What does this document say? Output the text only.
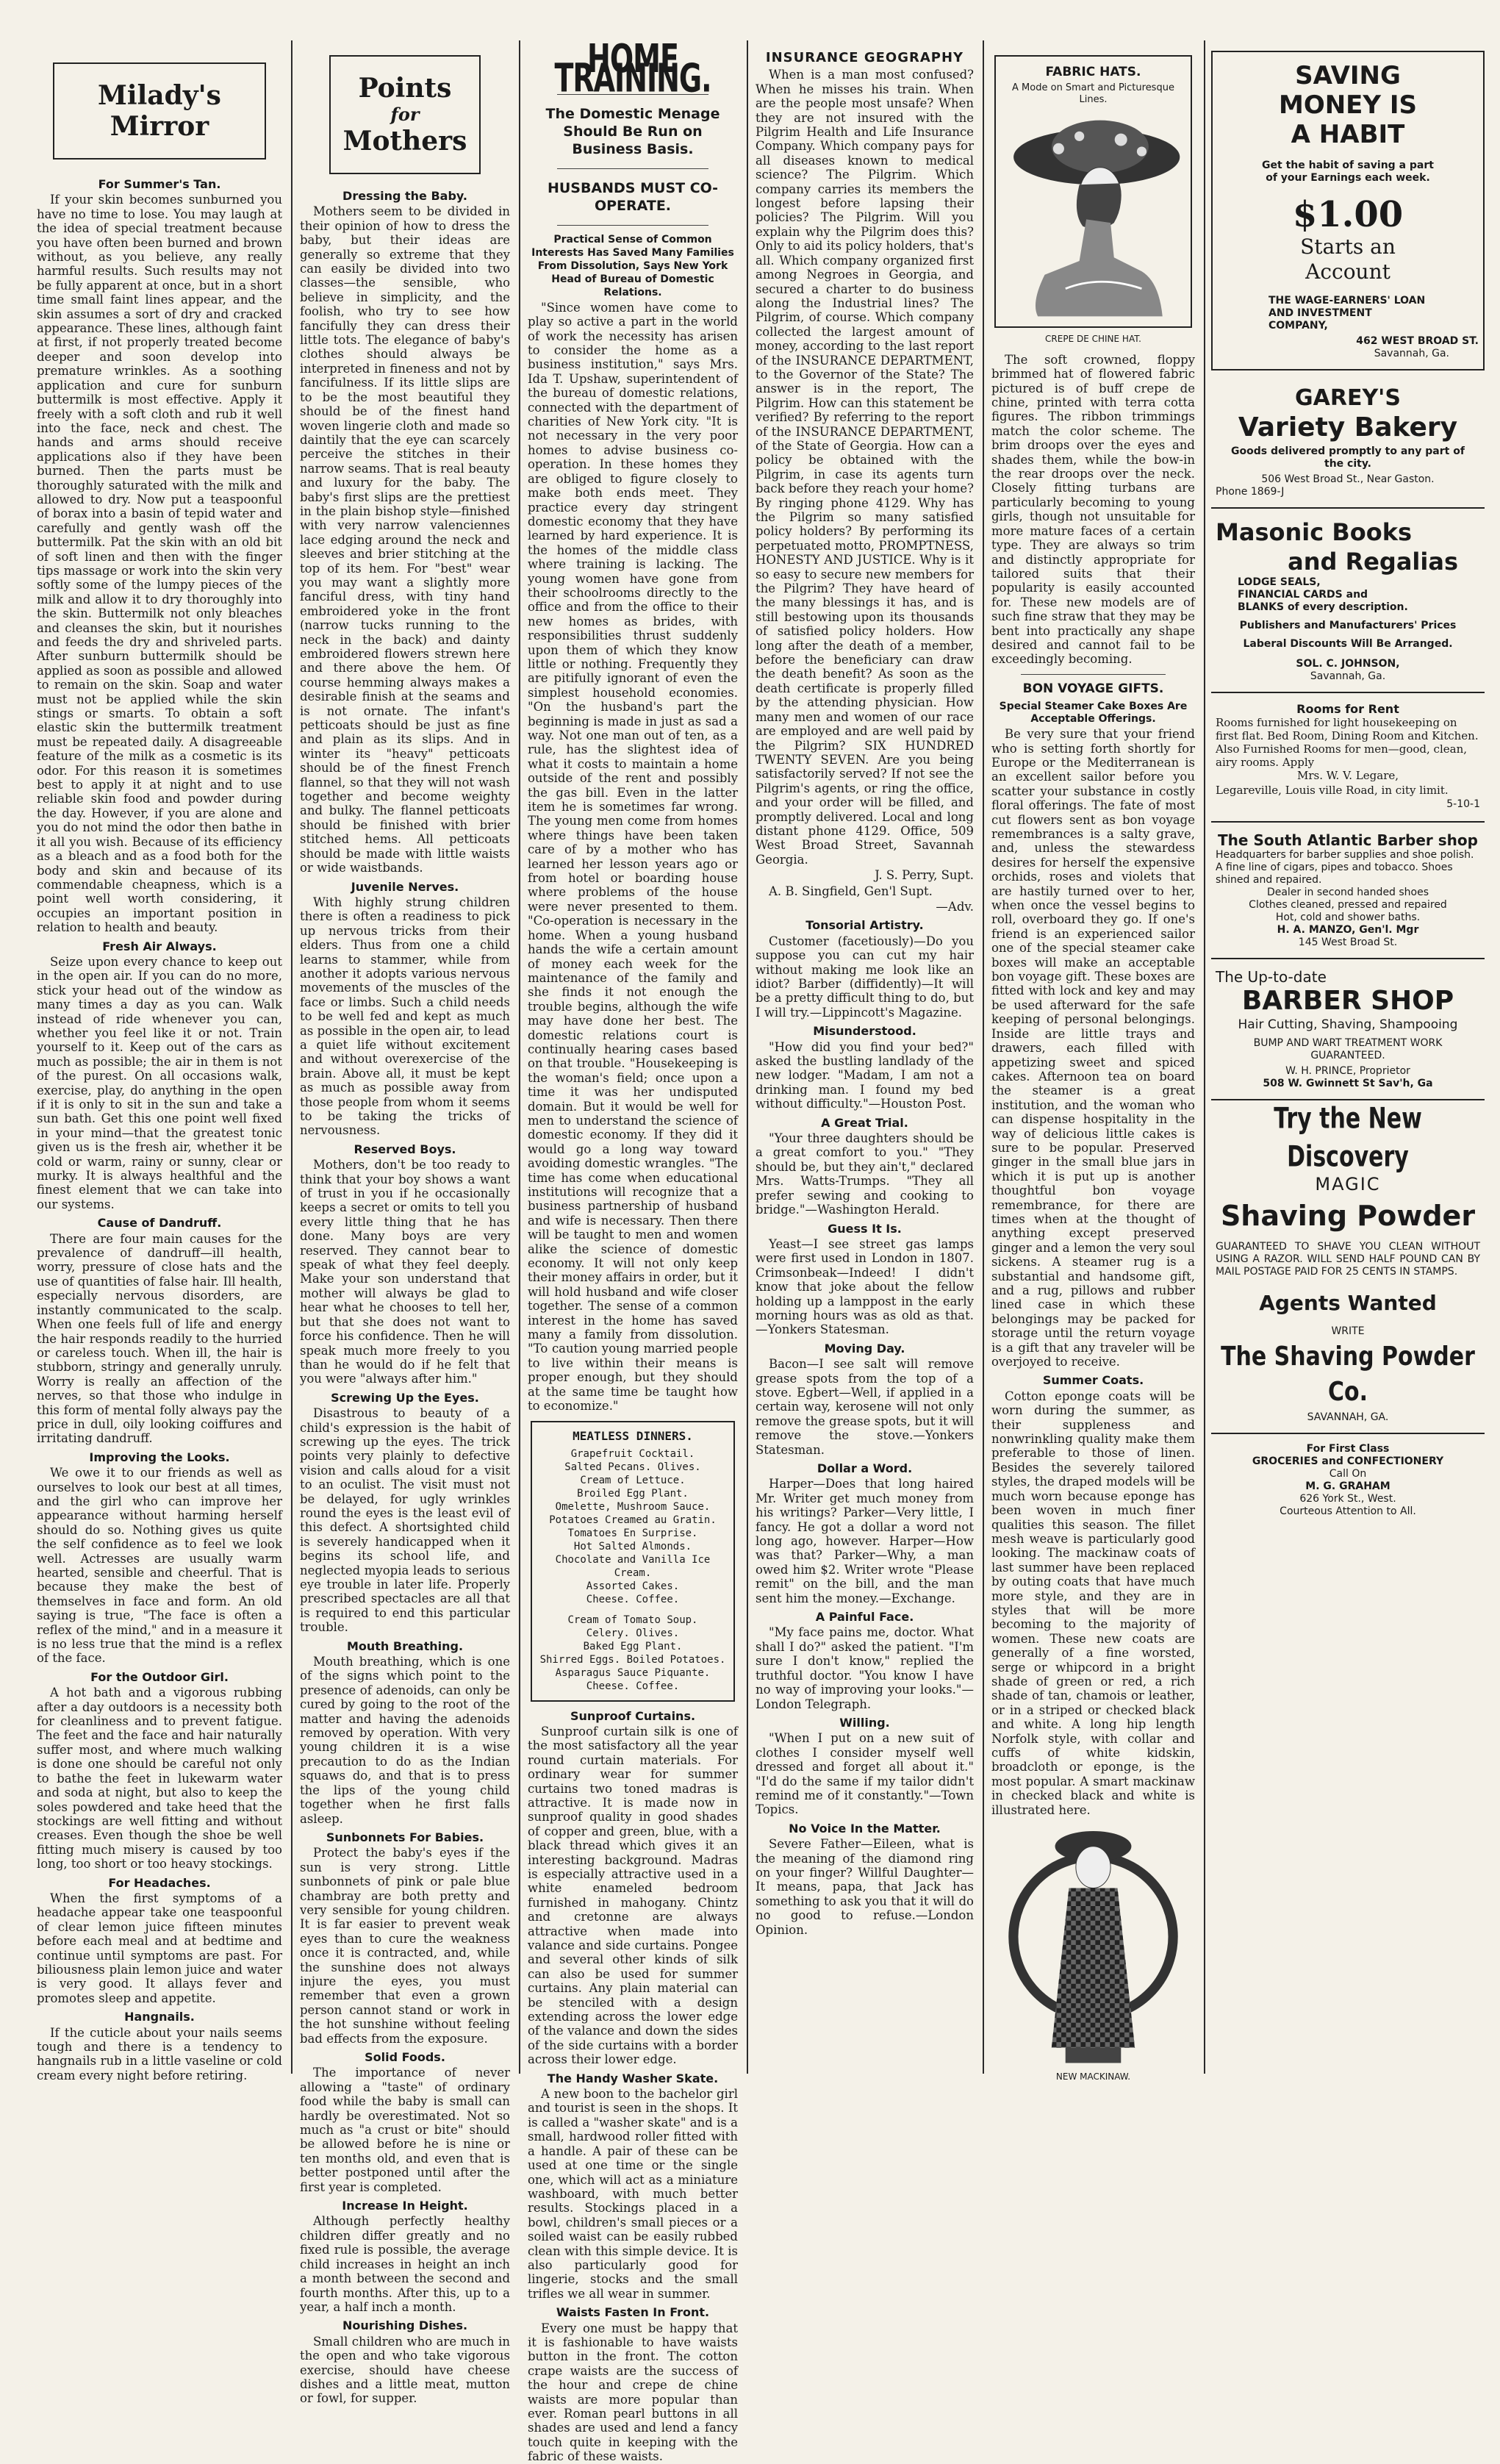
Milady's
Mirror
For Summer's Tan.

If your skin becomes sunburned you have no time to lose. You may laugh at the idea of special treatment because you have often been burned and brown without, as you believe, any really harmful results. Such results may not be fully apparent at once, but in a short time small faint lines appear, and the skin assumes a sort of dry and cracked appearance. These lines, although faint at first, if not properly treated become deeper and soon develop into premature wrinkles. As a soothing application and cure for sunburn buttermilk is most effective. Apply it freely with a soft cloth and rub it well into the face, neck and chest. The hands and arms should receive applications also if they have been burned. Then the parts must be thoroughly saturated with the milk and allowed to dry. Now put a teaspoonful of borax into a basin of tepid water and carefully and gently wash off the buttermilk. Pat the skin with an old bit of soft linen and then with the finger tips massage or work into the skin very softly some of the lumpy pieces of the milk and allow it to dry thoroughly into the skin. Buttermilk not only bleaches and cleanses the skin, but it nourishes and feeds the dry and shriveled parts. After sunburn buttermilk should be applied as soon as possible and allowed to remain on the skin. Soap and water must not be applied while the skin stings or smarts. To obtain a soft elastic skin the buttermilk treatment must be repeated daily. A disagreeable feature of the milk as a cosmetic is its odor. For this reason it is sometimes best to apply it at night and to use reliable skin food and powder during the day. However, if you are alone and you do not mind the odor then bathe in it all you wish. Because of its efficiency as a bleach and as a food both for the body and skin and because of its commendable cheapness, which is a point well worth considering, it occupies an important position in relation to health and beauty.

Fresh Air Always.

Seize upon every chance to keep out in the open air. If you can do no more, stick your head out of the window as many times a day as you can. Walk instead of ride whenever you can, whether you feel like it or not. Train yourself to it. Keep out of the cars as much as possible; the air in them is not of the purest. On all occasions walk, exercise, play, do anything in the open if it is only to sit in the sun and take a sun bath. Get this one point well fixed in your mind—that the greatest tonic given us is the fresh air, whether it be cold or warm, rainy or sunny, clear or murky. It is always healthful and the finest element that we can take into our systems.

Cause of Dandruff.

There are four main causes for the prevalence of dandruff—ill health, worry, pressure of close hats and the use of quantities of false hair. Ill health, especially nervous disorders, are instantly communicated to the scalp. When one feels full of life and energy the hair responds readily to the hurried or careless touch. When ill, the hair is stubborn, stringy and generally unruly. Worry is really an affection of the nerves, so that those who indulge in this form of mental folly always pay the price in dull, oily looking coiffures and irritating dandruff.

Improving the Looks.

We owe it to our friends as well as ourselves to look our best at all times, and the girl who can improve her appearance without harming herself should do so. Nothing gives us quite the self confidence as to feel we look well. Actresses are usually warm hearted, sensible and cheerful. That is because they make the best of themselves in face and form. An old saying is true, "The face is often a reflex of the mind," and in a measure it is no less true that the mind is a reflex of the face.

For the Outdoor Girl.

A hot bath and a vigorous rubbing after a day outdoors is a necessity both for cleanliness and to prevent fatigue. The feet and the face and hair naturally suffer most, and where much walking is done one should be careful not only to bathe the feet in lukewarm water and soda at night, but also to keep the soles powdered and take heed that the stockings are well fitting and without creases. Even though the shoe be well fitting much misery is caused by too long, too short or too heavy stockings.

For Headaches.

When the first symptoms of a headache appear take one teaspoonful of clear lemon juice fifteen minutes before each meal and at bedtime and continue until symptoms are past. For biliousness plain lemon juice and water is very good. It allays fever and promotes sleep and appetite.

Hangnails.

If the cuticle about your nails seems tough and there is a tendency to hangnails rub in a little vaseline or cold cream every night before retiring.

Points
for
Mothers
Dressing the Baby.

Mothers seem to be divided in their opinion of how to dress the baby, but their ideas are generally so extreme that they can easily be divided into two classes—the sensible, who believe in simplicity, and the foolish, who try to see how fancifully they can dress their little tots. The elegance of baby's clothes should always be interpreted in fineness and not by fancifulness. If its little slips are to be the most beautiful they should be of the finest hand woven lingerie cloth and made so daintily that the eye can scarcely perceive the stitches in their narrow seams. That is real beauty and luxury for the baby. The baby's first slips are the prettiest in the plain bishop style—finished with very narrow valenciennes lace edging around the neck and sleeves and brier stitching at the top of its hem. For "best" wear you may want a slightly more fanciful dress, with tiny hand embroidered yoke in the front (narrow tucks running to the neck in the back) and dainty embroidered flowers strewn here and there above the hem. Of course hemming always makes a desirable finish at the seams and is not ornate. The infant's petticoats should be just as fine and plain as its slips. And in winter its "heavy" petticoats should be of the finest French flannel, so that they will not wash together and become weighty and bulky. The flannel petticoats should be finished with brier stitched hems. All petticoats should be made with little waists or wide waistbands.

Juvenile Nerves.

With highly strung children there is often a readiness to pick up nervous tricks from their elders. Thus from one a child learns to stammer, while from another it adopts various nervous movements of the muscles of the face or limbs. Such a child needs to be well fed and kept as much as possible in the open air, to lead a quiet life without excitement and without overexercise of the brain. Above all, it must be kept as much as possible away from those people from whom it seems to be taking the tricks of nervousness.

Reserved Boys.

Mothers, don't be too ready to think that your boy shows a want of trust in you if he occasionally keeps a secret or omits to tell you every little thing that he has done. Many boys are very reserved. They cannot bear to speak of what they feel deeply. Make your son understand that mother will always be glad to hear what he chooses to tell her, but that she does not want to force his confidence. Then he will speak much more freely to you than he would do if he felt that you were "always after him."

Screwing Up the Eyes.

Disastrous to beauty of a child's expression is the habit of screwing up the eyes. The trick points very plainly to defective vision and calls aloud for a visit to an oculist. The visit must not be delayed, for ugly wrinkles round the eyes is the least evil of this defect. A shortsighted child is severely handicapped when it begins its school life, and neglected myopia leads to serious eye trouble in later life. Properly prescribed spectacles are all that is required to end this particular trouble.

Mouth Breathing.

Mouth breathing, which is one of the signs which point to the presence of adenoids, can only be cured by going to the root of the matter and having the adenoids removed by operation. With very young children it is a wise precaution to do as the Indian squaws do, and that is to press the lips of the young child together when he first falls asleep.

Sunbonnets For Babies.

Protect the baby's eyes if the sun is very strong. Little sunbonnets of pink or pale blue chambray are both pretty and very sensible for young children. It is far easier to prevent weak eyes than to cure the weakness once it is contracted, and, while the sunshine does not always injure the eyes, you must remember that even a grown person cannot stand or work in the hot sunshine without feeling bad effects from the exposure.

Solid Foods.

The importance of never allowing a "taste" of ordinary food while the baby is small can hardly be overestimated. Not so much as "a crust or bite" should be allowed before he is nine or ten months old, and even that is better postponed until after the first year is completed.

Increase In Height.

Although perfectly healthy children differ greatly and no fixed rule is possible, the average child increases in height an inch a month between the second and fourth months. After this, up to a year, a half inch a month.

Nourishing Dishes.

Small children who are much in the open and who take vigorous exercise, should have cheese dishes and a little meat, mutton or fowl, for supper.

HOME TRAINING.
The Domestic Menage Should Be Run on Business Basis.
HUSBANDS MUST CO-OPERATE.
Practical Sense of Common Interests Has Saved Many Families From Dissolution, Says New York Head of Bureau of Domestic Relations.

"Since women have come to play so active a part in the world of work the necessity has arisen to consider the home as a business institution," says Mrs. Ida T. Upshaw, superintendent of the bureau of domestic relations, connected with the department of charities of New York city. "It is not necessary in the very poor homes to advise business co-operation. In these homes they are obliged to figure closely to make both ends meet. They practice every day stringent domestic economy that they have learned by hard experience. It is the homes of the middle class where training is lacking. The young women have gone from their schoolrooms directly to the office and from the office to their new homes as brides, with responsibilities thrust suddenly upon them of which they know little or nothing. Frequently they are pitifully ignorant of even the simplest household economies. "On the husband's part the beginning is made in just as sad a way. Not one man out of ten, as a rule, has the slightest idea of what it costs to maintain a home outside of the rent and possibly the gas bill. Even in the latter item he is sometimes far wrong. The young men come from homes where things have been taken care of by a mother who has learned her lesson years ago or from hotel or boarding house where problems of the house were never presented to them. "Co-operation is necessary in the home. When a young husband hands the wife a certain amount of money each week for the maintenance of the family and she finds it not enough the trouble begins, although the wife may have done her best. The domestic relations court is continually hearing cases based on that trouble. "Housekeeping is the woman's field; once upon a time it was her undisputed domain. But it would be well for men to understand the science of domestic economy. If they did it would go a long way toward avoiding domestic wrangles. "The time has come when educational institutions will recognize that a business partnership of husband and wife is necessary. Then there will be taught to men and women alike the science of domestic economy. It will not only keep their money affairs in order, but it will hold husband and wife closer together. The sense of a common interest in the home has saved many a family from dissolution. "To caution young married people to live within their means is proper enough, but they should at the same time be taught how to economize."

MEATLESS DINNERS.
Grapefruit Cocktail.
Salted Pecans. Olives.
Cream of Lettuce.
Broiled Egg Plant.
Omelette, Mushroom Sauce.
Potatoes Creamed au Gratin.
Tomatoes En Surprise.
Hot Salted Almonds.
Chocolate and Vanilla Ice Cream.
Assorted Cakes.
Cheese. Coffee.
Cream of Tomato Soup.
Celery. Olives.
Baked Egg Plant.
Shirred Eggs. Boiled Potatoes.
Asparagus Sauce Piquante.
Cheese. Coffee.
Sunproof Curtains.

Sunproof curtain silk is one of the most satisfactory all the year round curtain materials. For ordinary wear for summer curtains two toned madras is attractive. It is made now in sunproof quality in good shades of copper and green, blue, with a black thread which gives it an interesting background. Madras is especially attractive used in a white enameled bedroom furnished in mahogany. Chintz and cretonne are always attractive when made into valance and side curtains. Pongee and several other kinds of silk can also be used for summer curtains. Any plain material can be stenciled with a design extending across the lower edge of the valance and down the sides of the side curtains with a border across their lower edge.

The Handy Washer Skate.

A new boon to the bachelor girl and tourist is seen in the shops. It is called a "washer skate" and is a small, hardwood roller fitted with a handle. A pair of these can be used at one time or the single one, which will act as a miniature washboard, with much better results. Stockings placed in a bowl, children's small pieces or a soiled waist can be easily rubbed clean with this simple device. It is also particularly good for lingerie, stocks and the small trifles we all wear in summer.

Waists Fasten In Front.

Every one must be happy that it is fashionable to have waists button in the front. The cotton crape waists are the success of the hour and crepe de chine waists are more popular than ever. Roman pearl buttons in all shades are used and lend a fancy touch quite in keeping with the fabric of these waists.

INSURANCE GEOGRAPHY

When is a man most confused? When he misses his train. When are the people most unsafe? When they are not insured with the Pilgrim Health and Life Insurance Company. Which company pays for all diseases known to medical science? The Pilgrim. Which company carries its members the longest before lapsing their policies? The Pilgrim. Will you explain why the Pilgrim does this? Only to aid its policy holders, that's all. Which company organized first among Negroes in Georgia, and secured a charter to do business along the Industrial lines? The Pilgrim, of course. Which company collected the largest amount of money, according to the last report of the INSURANCE DEPARTMENT, to the Governor of the State? The answer is in the report, The Pilgrim. How can this statement be verified? By referring to the report of the INSURANCE DEPARTMENT, of the State of Georgia. How can a policy be obtained with the Pilgrim, in case its agents turn back before they reach your home? By ringing phone 4129. Why has the Pilgrim so many satisfied policy holders? By performing its perpetuated motto, PROMPTNESS, HONESTY AND JUSTICE. Why is it so easy to secure new members for the Pilgrim? They have heard of the many blessings it has, and is still bestowing upon its thousands of satisfied policy holders. How long after the death of a member, before the beneficiary can draw the death benefit? As soon as the death certificate is properly filled by the attending physician. How many men and women of our race are employed and are well paid by the Pilgrim? SIX HUNDRED TWENTY SEVEN. Are you being satisfactorily served? If not see the Pilgrim's agents, or ring the office, and your order will be filled, and promptly delivered. Local and long distant phone 4129. Office, 509 West Broad Street, Savannah Georgia.

J. S. Perry, Supt.

A. B. Singfield, Gen'l Supt.

—Adv.

Tonsorial Artistry.

Customer (facetiously)—Do you suppose you can cut my hair without making me look like an idiot? Barber (diffidently)—It will be a pretty difficult thing to do, but I will try.—Lippincott's Magazine.

Misunderstood.

"How did you find your bed?" asked the bustling landlady of the new lodger. "Madam, I am not a drinking man. I found my bed without difficulty."—Houston Post.

A Great Trial.

"Your three daughters should be a great comfort to you." "They should be, but they ain't," declared Mrs. Watts-Trumps. "They all prefer sewing and cooking to bridge."—Washington Herald.

Guess It Is.

Yeast—I see street gas lamps were first used in London in 1807. Crimsonbeak—Indeed! I didn't know that joke about the fellow holding up a lamppost in the early morning hours was as old as that.—Yonkers Statesman.

Moving Day.

Bacon—I see salt will remove grease spots from the top of a stove. Egbert—Well, if applied in a certain way, kerosene will not only remove the grease spots, but it will remove the stove.—Yonkers Statesman.

Dollar a Word.

Harper—Does that long haired Mr. Writer get much money from his writings? Parker—Very little, I fancy. He got a dollar a word not long ago, however. Harper—How was that? Parker—Why, a man owed him $2. Writer wrote "Please remit" on the bill, and the man sent him the money.—Exchange.

A Painful Face.

"My face pains me, doctor. What shall I do?" asked the patient. "I'm sure I don't know," replied the truthful doctor. "You know I have no way of improving your looks."—London Telegraph.

Willing.

"When I put on a new suit of clothes I consider myself well dressed and forget all about it." "I'd do the same if my tailor didn't remind me of it constantly."—Town Topics.

No Voice In the Matter.

Severe Father—Eileen, what is the meaning of the diamond ring on your finger? Willful Daughter—It means, papa, that Jack has something to ask you that it will do no good to refuse.—London Opinion.

FABRIC HATS.
A Mode on Smart and Picturesque Lines.
CREPE DE CHINE HAT.

The soft crowned, floppy brimmed hat of flowered fabric pictured is of buff crepe de chine, printed with terra cotta figures. The ribbon trimmings match the color scheme. The brim droops over the eyes and shades them, while the bow-in the rear droops over the neck. Closely fitting turbans are particularly becoming to young girls, though not unsuitable for more mature faces of a certain type. They are always so trim and distinctly appropriate for tailored suits that their popularity is easily accounted for. These new models are of such fine straw that they may be bent into practically any shape desired and cannot fail to be exceedingly becoming.

BON VOYAGE GIFTS.
Special Steamer Cake Boxes Are Acceptable Offerings.

Be very sure that your friend who is setting forth shortly for Europe or the Mediterranean is an excellent sailor before you scatter your substance in costly floral offerings. The fate of most cut flowers sent as bon voyage remembrances is a salty grave, and, unless the stewardess desires for herself the expensive orchids, roses and violets that are hastily turned over to her, when once the vessel begins to roll, overboard they go. If one's friend is an experienced sailor one of the special steamer cake boxes will make an acceptable bon voyage gift. These boxes are fitted with lock and key and may be used afterward for the safe keeping of personal belongings. Inside are little trays and drawers, each filled with appetizing sweet and spiced cakes. Afternoon tea on board the steamer is a great institution, and the woman who can dispense hospitality in the way of delicious little cakes is sure to be popular. Preserved ginger in the small blue jars in which it is put up is another thoughtful bon voyage remembrance, for there are times when at the thought of anything except preserved ginger and a lemon the very soul sickens. A steamer rug is a substantial and handsome gift, and a rug, pillows and rubber lined case in which these belongings may be packed for storage until the return voyage is a gift that any traveler will be overjoyed to receive.

Summer Coats.

Cotton eponge coats will be worn during the summer, as their suppleness and nonwrinkling quality make them preferable to those of linen. Besides the severely tailored styles, the draped models will be much worn because eponge has been woven in much finer qualities this season. The fillet mesh weave is particularly good looking. The mackinaw coats of last summer have been replaced by outing coats that have much more style, and they are in styles that will be more becoming to the majority of women. These new coats are generally of a fine worsted, serge or whipcord in a bright shade of green or red, a rich shade of tan, chamois or leather, or in a striped or checked black and white. A long hip length Norfolk style, with collar and cuffs of white kidskin, broadcloth or eponge, is the most popular. A smart mackinaw in checked black and white is illustrated here.

NEW MACKINAW.
SAVING
MONEY IS
A HABIT
Get the habit of saving a part of your Earnings each week.
$1.00
Starts an
Account
THE WAGE-EARNERS' LOAN AND INVESTMENT COMPANY,
462 WEST BROAD ST.
Savannah, Ga.
GAREY'S
Variety Bakery
Goods delivered promptly to any part of the city.
506 West Broad St., Near Gaston.
Phone 1869-J
Masonic Books
and Regalias
LODGE SEALS,
FINANCIAL CARDS and
BLANKS of every description.
Publishers and Manufacturers' Prices
Laberal Discounts Will Be Arranged.
SOL. C. JOHNSON,
Savannah, Ga.
Rooms for Rent
Rooms furnished for light housekeeping on first flat. Bed Room, Dining Room and Kitchen. Also Furnished Rooms for men—good, clean, airy rooms. Apply
Mrs. W. V. Legare,
Legareville, Louis ville Road, in city limit.
5-10-1
The South Atlantic Barber shop
Headquarters for barber supplies and shoe polish. A fine line of cigars, pipes and tobacco. Shoes shined and repaired.
Dealer in second handed shoes
Clothes cleaned, pressed and repaired
Hot, cold and shower baths.
H. A. MANZO, Gen'l. Mgr
145 West Broad St.
The Up-to-date
BARBER SHOP
Hair Cutting, Shaving, Shampooing
BUMP AND WART TREATMENT WORK GUARANTEED.
W. H. PRINCE, Proprietor
508 W. Gwinnett St Sav'h, Ga
Try the New Discovery
MAGIC
Shaving Powder
GUARANTEED TO SHAVE YOU CLEAN WITHOUT USING A RAZOR. WILL SEND HALF POUND CAN BY MAIL POSTAGE PAID FOR 25 CENTS IN STAMPS.
Agents Wanted
WRITE
The Shaving Powder Co.
SAVANNAH, GA.
For First Class
GROCERIES and CONFECTIONERY
Call On
M. G. GRAHAM
626 York St., West.
Courteous Attention to All.
